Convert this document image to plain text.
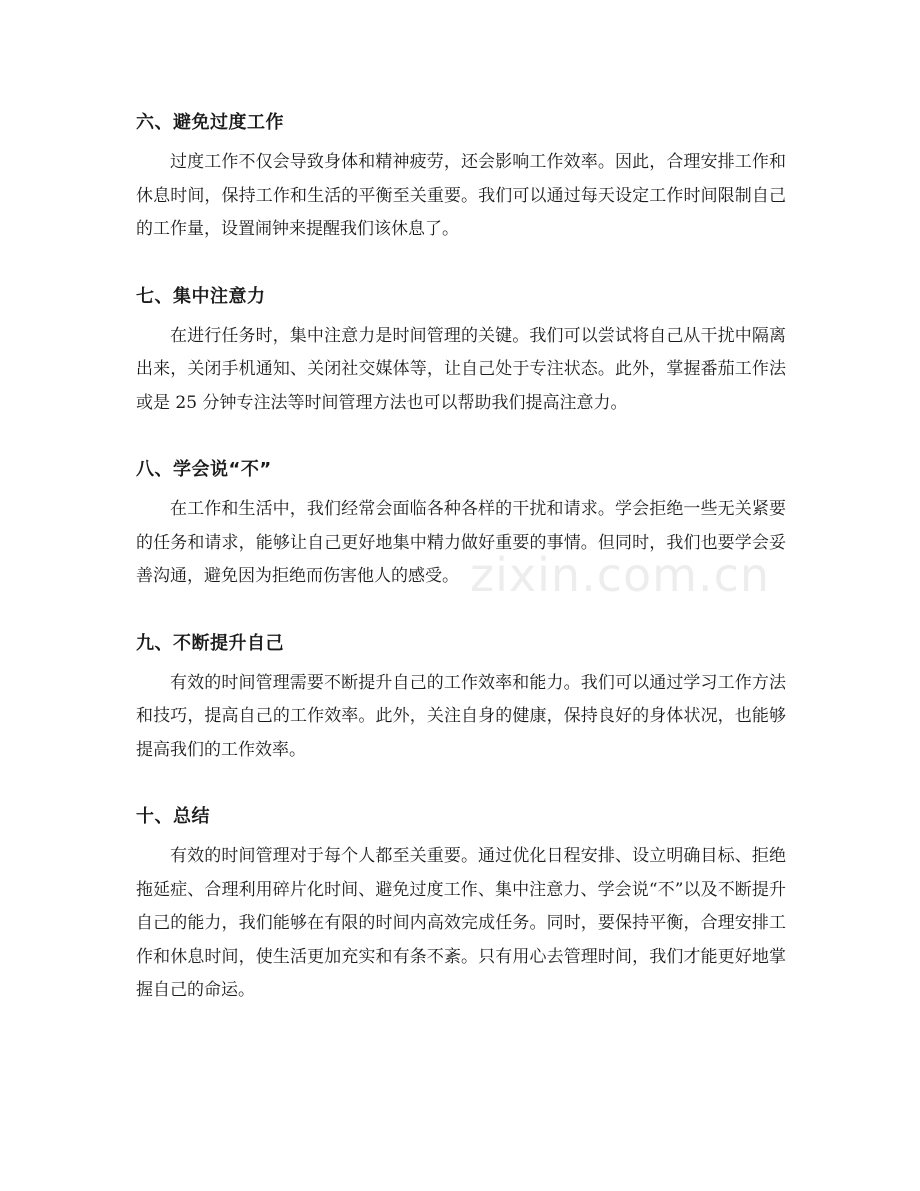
六、避免过度工作

过度工作不仅会导致身体和精神疲劳，还会影响工作效率。因此，合理安排工作和休息时间，保持工作和生活的平衡至关重要。我们可以通过每天设定工作时间限制自己的工作量，设置闹钟来提醒我们该休息了。

七、集中注意力

在进行任务时，集中注意力是时间管理的关键。我们可以尝试将自己从干扰中隔离出来，关闭手机通知、关闭社交媒体等，让自己处于专注状态。此外，掌握番茄工作法或是 25 分钟专注法等时间管理方法也可以帮助我们提高注意力。

八、学会说“不”

在工作和生活中，我们经常会面临各种各样的干扰和请求。学会拒绝一些无关紧要的任务和请求，能够让自己更好地集中精力做好重要的事情。但同时，我们也要学会妥善沟通，避免因为拒绝而伤害他人的感受。

九、不断提升自己

有效的时间管理需要不断提升自己的工作效率和能力。我们可以通过学习工作方法和技巧，提高自己的工作效率。此外，关注自身的健康，保持良好的身体状况，也能够提高我们的工作效率。

十、总结

有效的时间管理对于每个人都至关重要。通过优化日程安排、设立明确目标、拒绝拖延症、合理利用碎片化时间、避免过度工作、集中注意力、学会说“不”以及不断提升自己的能力，我们能够在有限的时间内高效完成任务。同时，要保持平衡，合理安排工作和休息时间，使生活更加充实和有条不紊。只有用心去管理时间，我们才能更好地掌握自己的命运。

zixin.com.cn
